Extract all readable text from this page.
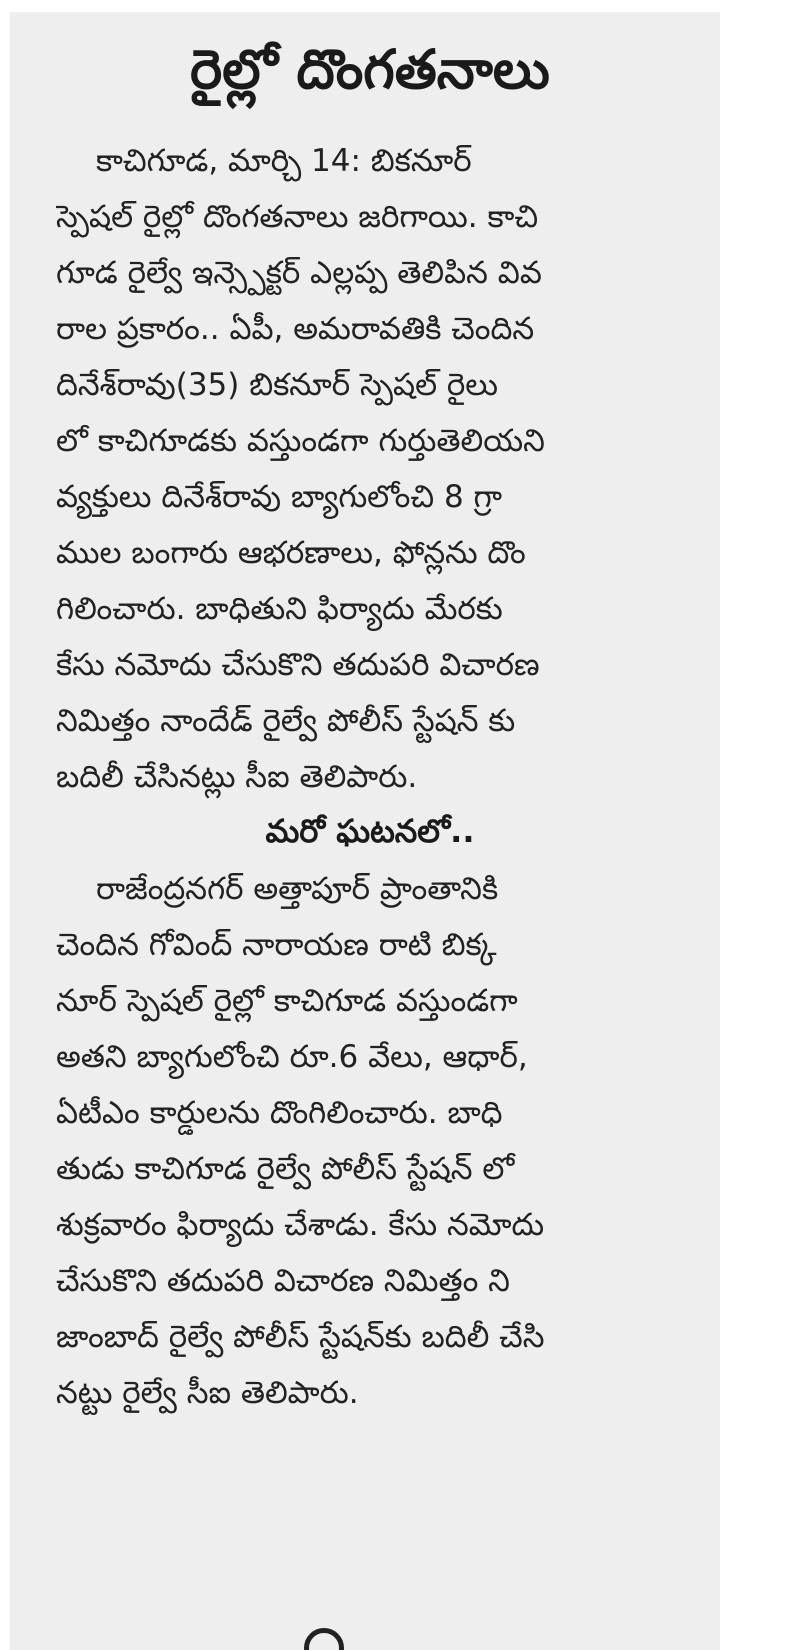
రైల్లో దొంగతనాలు
కాచిగూడ, మార్చి 14: బికనూర్
స్పెషల్ రైల్లో దొంగతనాలు జరిగాయి. కాచి
గూడ రైల్వే ఇన్స్పెక్టర్ ఎల్లప్ప తెలిపిన వివ
రాల ప్రకారం.. ఏపీ, అమరావతికి చెందిన
దినేశ్‌రావు(35) బికనూర్ స్పెషల్ రైలు
లో కాచిగూడకు వస్తుండగా గుర్తుతెలియని
వ్యక్తులు దినేశ్‌రావు బ్యాగులోంచి 8 గ్రా
ముల బంగారు ఆభరణాలు, ఫోన్లను దొం
గిలించారు. బాధితుని ఫిర్యాదు మేరకు
కేసు నమోదు చేసుకొని తదుపరి విచారణ
నిమిత్తం నాందేడ్ రైల్వే పోలీస్ స్టేషన్ కు
బదిలీ చేసినట్లు సీఐ తెలిపారు.
మరో ఘటనలో..
రాజేంద్రనగర్ అత్తాపూర్ ప్రాంతానికి
చెందిన గోవింద్ నారాయణ రాటి బిక్క
నూర్ స్పెషల్ రైల్లో కాచిగూడ వస్తుండగా
అతని బ్యాగులోంచి రూ.6 వేలు, ఆధార్,
ఏటీఎం కార్డులను దొంగిలించారు. బాధి
తుడు కాచిగూడ రైల్వే పోలీస్ స్టేషన్ లో
శుక్రవారం ఫిర్యాదు చేశాడు. కేసు నమోదు
చేసుకొని తదుపరి విచారణ నిమిత్తం ని
జాంబాద్ రైల్వే పోలీస్ స్టేషన్‌కు బదిలీ చేసి
నట్టు రైల్వే సీఐ తెలిపారు.
